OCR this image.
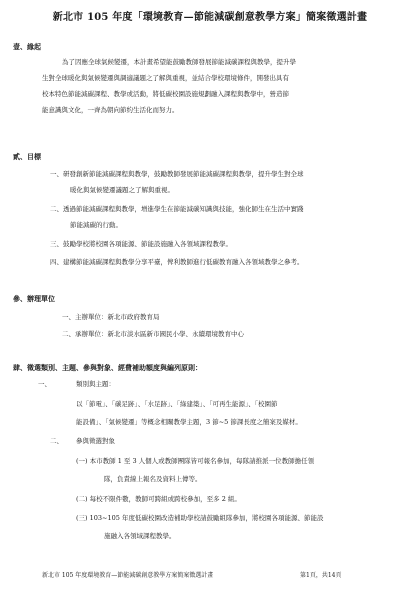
新北市 105 年度「環境教育—節能減碳創意教學方案」簡案徵選計畫
壹、緣起
為了因應全球氣候變遷，本計畫希望能鼓勵教師發展節能減碳課程與教學，提升學
生對全球暖化與氣候變遷與調適議題之了解與重視，並結合學校環境條件，開發出具有
校本特色節能減碳課程、教學或活動，將低碳校園設施規劃融入課程與教學中，營造節
能意識與文化，一齊為朝向節約生活化而努力。
貳、目標
一、研發創新節能減碳課程與教學，鼓勵教師發展節能減碳課程與教學，提升學生對全球
暖化與氣候變遷議題之了解與重視。
二、透過節能減碳課程與教學，增進學生在節能減碳知識與技能，強化師生在生活中實踐
節能減碳的行動。
三、鼓勵學校將校園各項能源、節能設施融入各領域課程教學。
四、建構節能減碳課程與教學分享平臺，俾利教師進行低碳教育融入各領域教學之參考。
參、辦理單位
一、主辦單位：新北市政府教育局
二、承辦單位：新北市淡水區新市國民小學、永續環境教育中心
肆、徵選類別、主題、參與對象、經費補助額度與編列原則：
一、	類別與主題：
以「節電」、「碳足跡」、「水足跡」、「綠建築」、「可再生能源」、「校園節
能設備」、「氣候變遷」等概念相關教學主題，3 節~5 節課長度之簡案及媒材。
二、 參與徵選對象
(一) 本市教師 1 至 3 人個人或教師團隊皆可報名參加，每隊請推派一位教師擔任領
隊，負責線上報名及資料上傳等。
(二) 每校不限件數，教師可跨組或跨校參加，至多 2 組。
(三) 103~105 年度低碳校園改造補助學校請鼓勵組隊參加，將校園各項能源、節能設
施融入各領域課程教學。
新北市 105 年度環境教育—節能減碳創意教學方案簡案徵選計畫	第1頁，共14頁
